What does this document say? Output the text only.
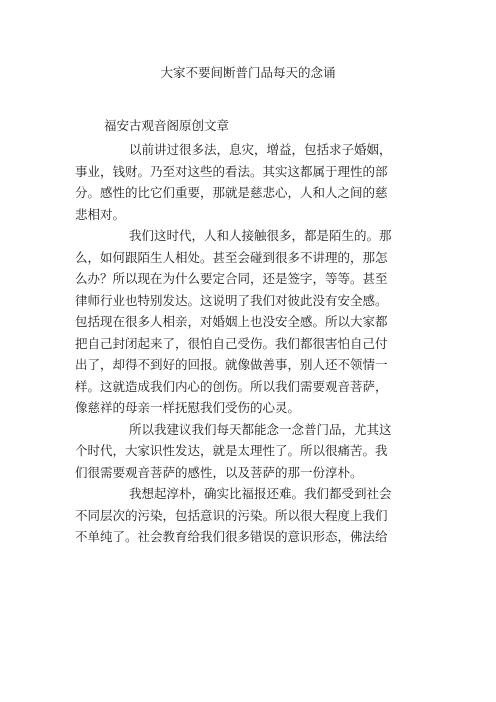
大家不要间断普门品每天的念诵
福安古观音阁原创文章
以前讲过很多法，息灾，增益，包括求子婚姻，
事业，钱财。乃至对这些的看法。其实这都属于理性的部
分。感性的比它们重要，那就是慈悲心，人和人之间的慈
悲相对。
我们这时代，人和人接触很多，都是陌生的。那
么，如何跟陌生人相处。甚至会碰到很多不讲理的，那怎
么办？所以现在为什么要定合同，还是签字，等等。甚至
律师行业也特别发达。这说明了我们对彼此没有安全感。
包括现在很多人相亲，对婚姻上也没安全感。所以大家都
把自己封闭起来了，很怕自己受伤。我们都很害怕自己付
出了，却得不到好的回报。就像做善事，别人还不领情一
样。这就造成我们内心的创伤。所以我们需要观音菩萨，
像慈祥的母亲一样抚慰我们受伤的心灵。
所以我建议我们每天都能念一念普门品，尤其这
个时代，大家识性发达，就是太理性了。所以很痛苦。我
们很需要观音菩萨的感性，以及菩萨的那一份淳朴。
我想起淳朴，确实比福报还难。我们都受到社会
不同层次的污染，包括意识的污染。所以很大程度上我们
不单纯了。社会教育给我们很多错误的意识形态，佛法给
